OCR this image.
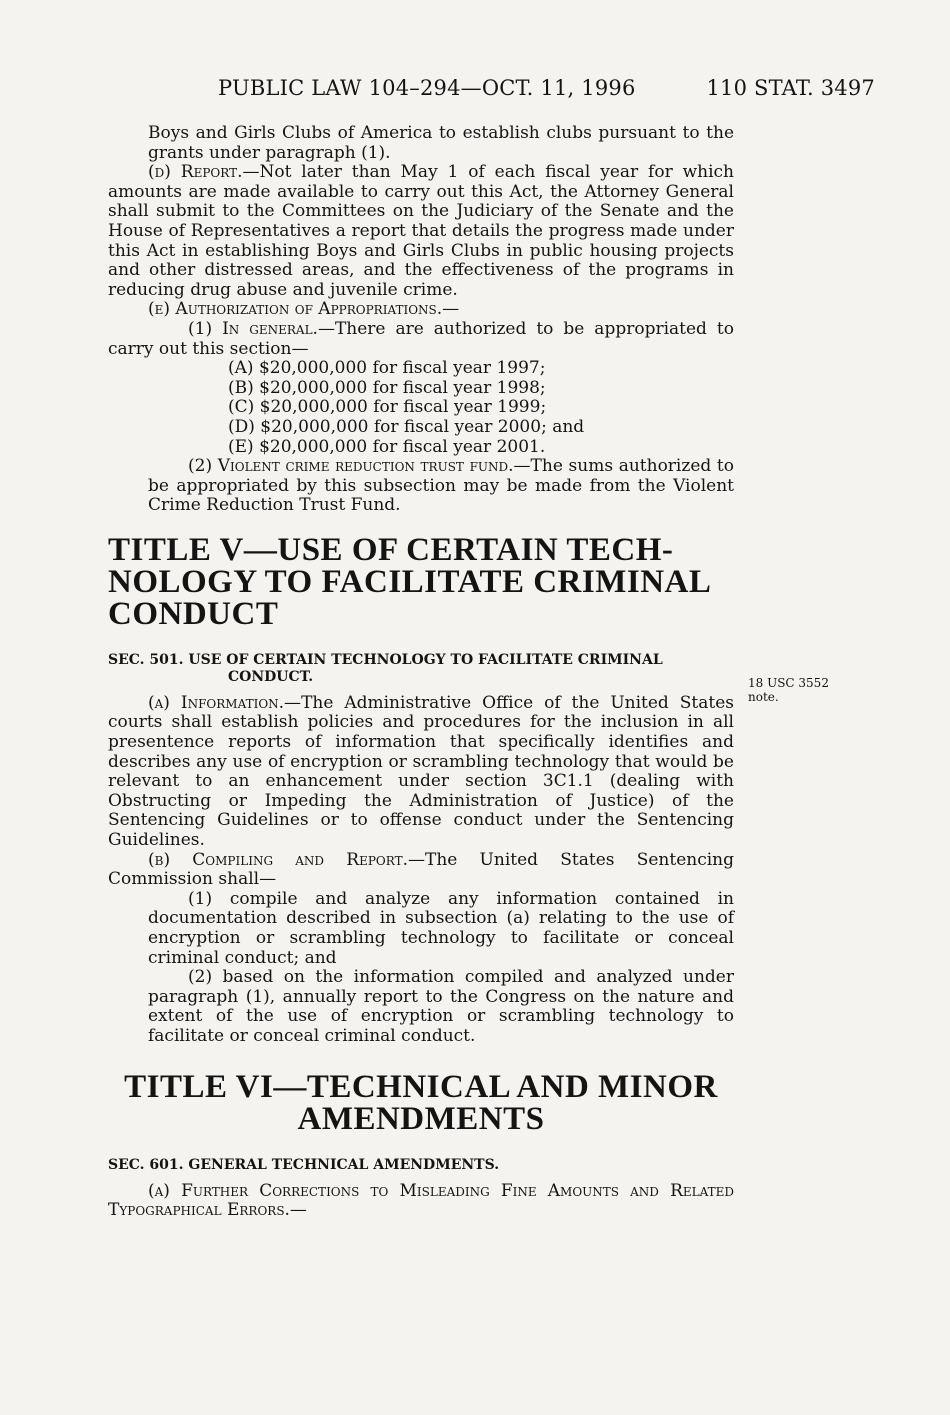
PUBLIC LAW 104–294—OCT. 11, 1996	110 STAT. 3497

Boys and Girls Clubs of America to establish clubs pursuant to the grants under paragraph (1).

(d) Report.—Not later than May 1 of each fiscal year for which amounts are made available to carry out this Act, the Attorney General shall submit to the Committees on the Judiciary of the Senate and the House of Representatives a report that details the progress made under this Act in establishing Boys and Girls Clubs in public housing projects and other distressed areas, and the effectiveness of the programs in reducing drug abuse and juvenile crime.

(e) Authorization of Appropriations.—

(1) In general.—There are authorized to be appropriated to carry out this section—

(A) $20,000,000 for fiscal year 1997;

(B) $20,000,000 for fiscal year 1998;

(C) $20,000,000 for fiscal year 1999;

(D) $20,000,000 for fiscal year 2000; and

(E) $20,000,000 for fiscal year 2001.

(2) Violent crime reduction trust fund.—The sums authorized to be appropriated by this subsection may be made from the Violent Crime Reduction Trust Fund.

TITLE V—USE OF CERTAIN TECH-

NOLOGY TO FACILITATE CRIMINAL

CONDUCT

SEC. 501. USE OF CERTAIN TECHNOLOGY TO FACILITATE CRIMINAL CONDUCT.

(a) Information.—The Administrative Office of the United States courts shall establish policies and procedures for the inclusion in all presentence reports of information that specifically identifies and describes any use of encryption or scrambling technology that would be relevant to an enhancement under section 3C1.1 (dealing with Obstructing or Impeding the Administration of Justice) of the Sentencing Guidelines or to offense conduct under the Sentencing Guidelines.

(b) Compiling and Report.—The United States Sentencing Commission shall—

(1) compile and analyze any information contained in documentation described in subsection (a) relating to the use of encryption or scrambling technology to facilitate or conceal criminal conduct; and

(2) based on the information compiled and analyzed under paragraph (1), annually report to the Congress on the nature and extent of the use of encryption or scrambling technology to facilitate or conceal criminal conduct.

TITLE VI—TECHNICAL AND MINOR

AMENDMENTS

SEC. 601. GENERAL TECHNICAL AMENDMENTS.

(a) Further Corrections to Misleading Fine Amounts and Related Typographical Errors.—

18 USC 3552
note.
